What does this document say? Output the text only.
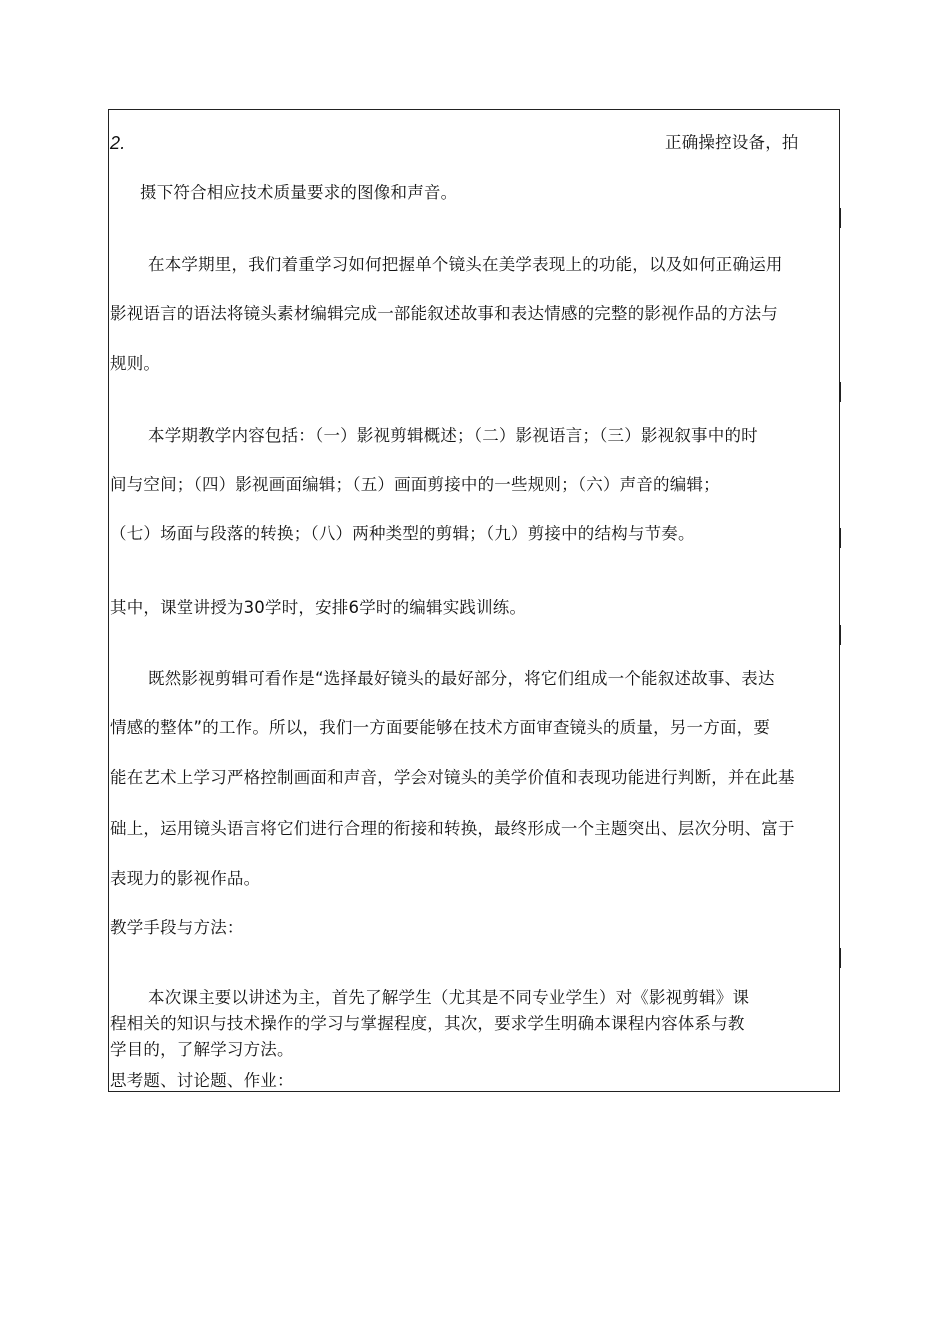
2.	正确操控设备，拍
摄下符合相应技术质量要求的图像和声音。
在本学期里，我们着重学习如何把握单个镜头在美学表现上的功能，以及如何正确运用
影视语言的语法将镜头素材编辑完成一部能叙述故事和表达情感的完整的影视作品的方法与
规则。
本学期教学内容包括：（一）影视剪辑概述；（二）影视语言；（三）影视叙事中的时
间与空间；（四）影视画面编辑；（五）画面剪接中的一些规则；（六）声音的编辑；
（七）场面与段落的转换；（八）两种类型的剪辑；（九）剪接中的结构与节奏。
其中，课堂讲授为30学时，安排6学时的编辑实践训练。
既然影视剪辑可看作是“选择最好镜头的最好部分，将它们组成一个能叙述故事、表达
情感的整体”的工作。所以，我们一方面要能够在技术方面审查镜头的质量，另一方面，要
能在艺术上学习严格控制画面和声音，学会对镜头的美学价值和表现功能进行判断，并在此基
础上，运用镜头语言将它们进行合理的衔接和转换，最终形成一个主题突出、层次分明、富于
表现力的影视作品。
教学手段与方法：
本次课主要以讲述为主，首先了解学生（尤其是不同专业学生）对《影视剪辑》课
程相关的知识与技术操作的学习与掌握程度，其次，要求学生明确本课程内容体系与教
学目的，了解学习方法。
思考题、讨论题、作业：
